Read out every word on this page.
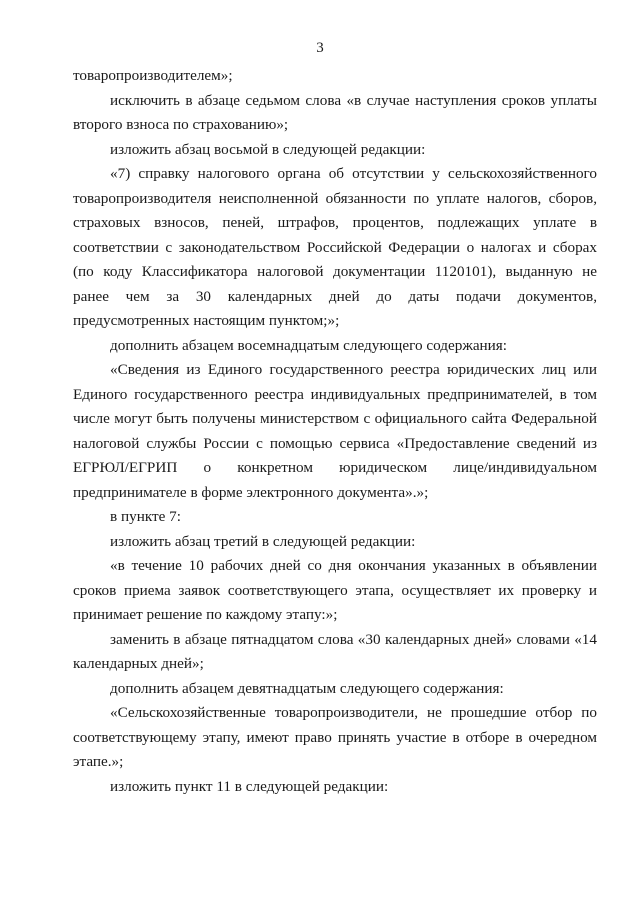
3

товаропроизводителем»;

исключить в абзаце седьмом слова «в случае наступления сроков уплаты второго взноса по страхованию»;

изложить абзац восьмой в следующей редакции:

«7) справку налогового органа об отсутствии у сельскохозяйственного товаропроизводителя неисполненной обязанности по уплате налогов, сборов, страховых взносов, пеней, штрафов, процентов, подлежащих уплате в соответствии с законодательством Российской Федерации о налогах и сборах (по коду Классификатора налоговой документации 1120101), выданную не ранее чем за 30 календарных дней до даты подачи документов, предусмотренных настоящим пунктом;»;

дополнить абзацем восемнадцатым следующего содержания:

«Сведения из Единого государственного реестра юридических лиц или Единого государственного реестра индивидуальных предпринимателей, в том числе могут быть получены министерством с официального сайта Федеральной налоговой службы России с помощью сервиса «Предоставление сведений из ЕГРЮЛ/ЕГРИП о конкретном юридическом лице/индивидуальном предпринимателе в форме электронного документа».»;

в пункте 7:

изложить абзац третий в следующей редакции:

«в течение 10 рабочих дней со дня окончания указанных в объявлении сроков приема заявок соответствующего этапа, осуществляет их проверку и принимает решение по каждому этапу:»;

заменить в абзаце пятнадцатом слова «30 календарных дней» словами «14 календарных дней»;

дополнить абзацем девятнадцатым следующего содержания:

«Сельскохозяйственные товаропроизводители, не прошедшие отбор по соответствующему этапу, имеют право принять участие в отборе в очередном этапе.»;

изложить пункт 11 в следующей редакции:
